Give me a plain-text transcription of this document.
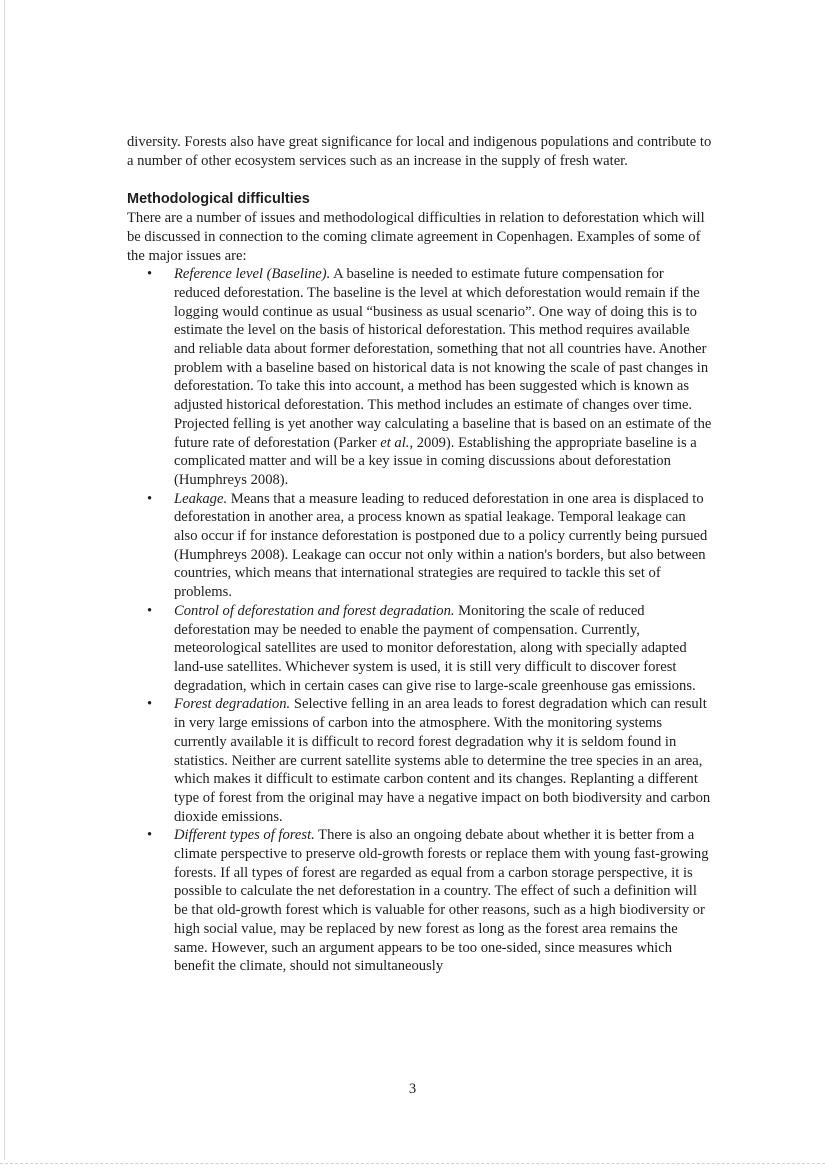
diversity. Forests also have great significance for local and indigenous populations and contribute to a number of other ecosystem services such as an increase in the supply of fresh water.

Methodological difficulties

There are a number of issues and methodological difficulties in relation to deforestation which will be discussed in connection to the coming climate agreement in Copenhagen. Examples of some of the major issues are:

• Reference level (Baseline). A baseline is needed to estimate future compensation for reduced deforestation. The baseline is the level at which deforestation would remain if the logging would continue as usual “business as usual scenario”. One way of doing this is to estimate the level on the basis of historical deforestation. This method requires available and reliable data about former deforestation, something that not all countries have. Another problem with a baseline based on historical data is not knowing the scale of past changes in deforestation. To take this into account, a method has been suggested which is known as adjusted historical deforestation. This method includes an estimate of changes over time. Projected felling is yet another way calculating a baseline that is based on an estimate of the future rate of deforestation (Parker et al., 2009). Establishing the appropriate baseline is a complicated matter and will be a key issue in coming discussions about deforestation (Humphreys 2008).
• Leakage. Means that a measure leading to reduced deforestation in one area is displaced to deforestation in another area, a process known as spatial leakage. Temporal leakage can also occur if for instance deforestation is postponed due to a policy currently being pursued (Humphreys 2008). Leakage can occur not only within a nation's borders, but also between countries, which means that international strategies are required to tackle this set of problems.
• Control of deforestation and forest degradation. Monitoring the scale of reduced deforestation may be needed to enable the payment of compensation. Currently, meteorological satellites are used to monitor deforestation, along with specially adapted land-use satellites. Whichever system is used, it is still very difficult to discover forest degradation, which in certain cases can give rise to large-scale greenhouse gas emissions.
• Forest degradation. Selective felling in an area leads to forest degradation which can result in very large emissions of carbon into the atmosphere. With the monitoring systems currently available it is difficult to record forest degradation why it is seldom found in statistics. Neither are current satellite systems able to determine the tree species in an area, which makes it difficult to estimate carbon content and its changes. Replanting a different type of forest from the original may have a negative impact on both biodiversity and carbon dioxide emissions.
• Different types of forest. There is also an ongoing debate about whether it is better from a climate perspective to preserve old-growth forests or replace them with young fast-growing forests. If all types of forest are regarded as equal from a carbon storage perspective, it is possible to calculate the net deforestation in a country. The effect of such a definition will be that old-growth forest which is valuable for other reasons, such as a high biodiversity or high social value, may be replaced by new forest as long as the forest area remains the same. However, such an argument appears to be too one-sided, since measures which benefit the climate, should not simultaneously
3
